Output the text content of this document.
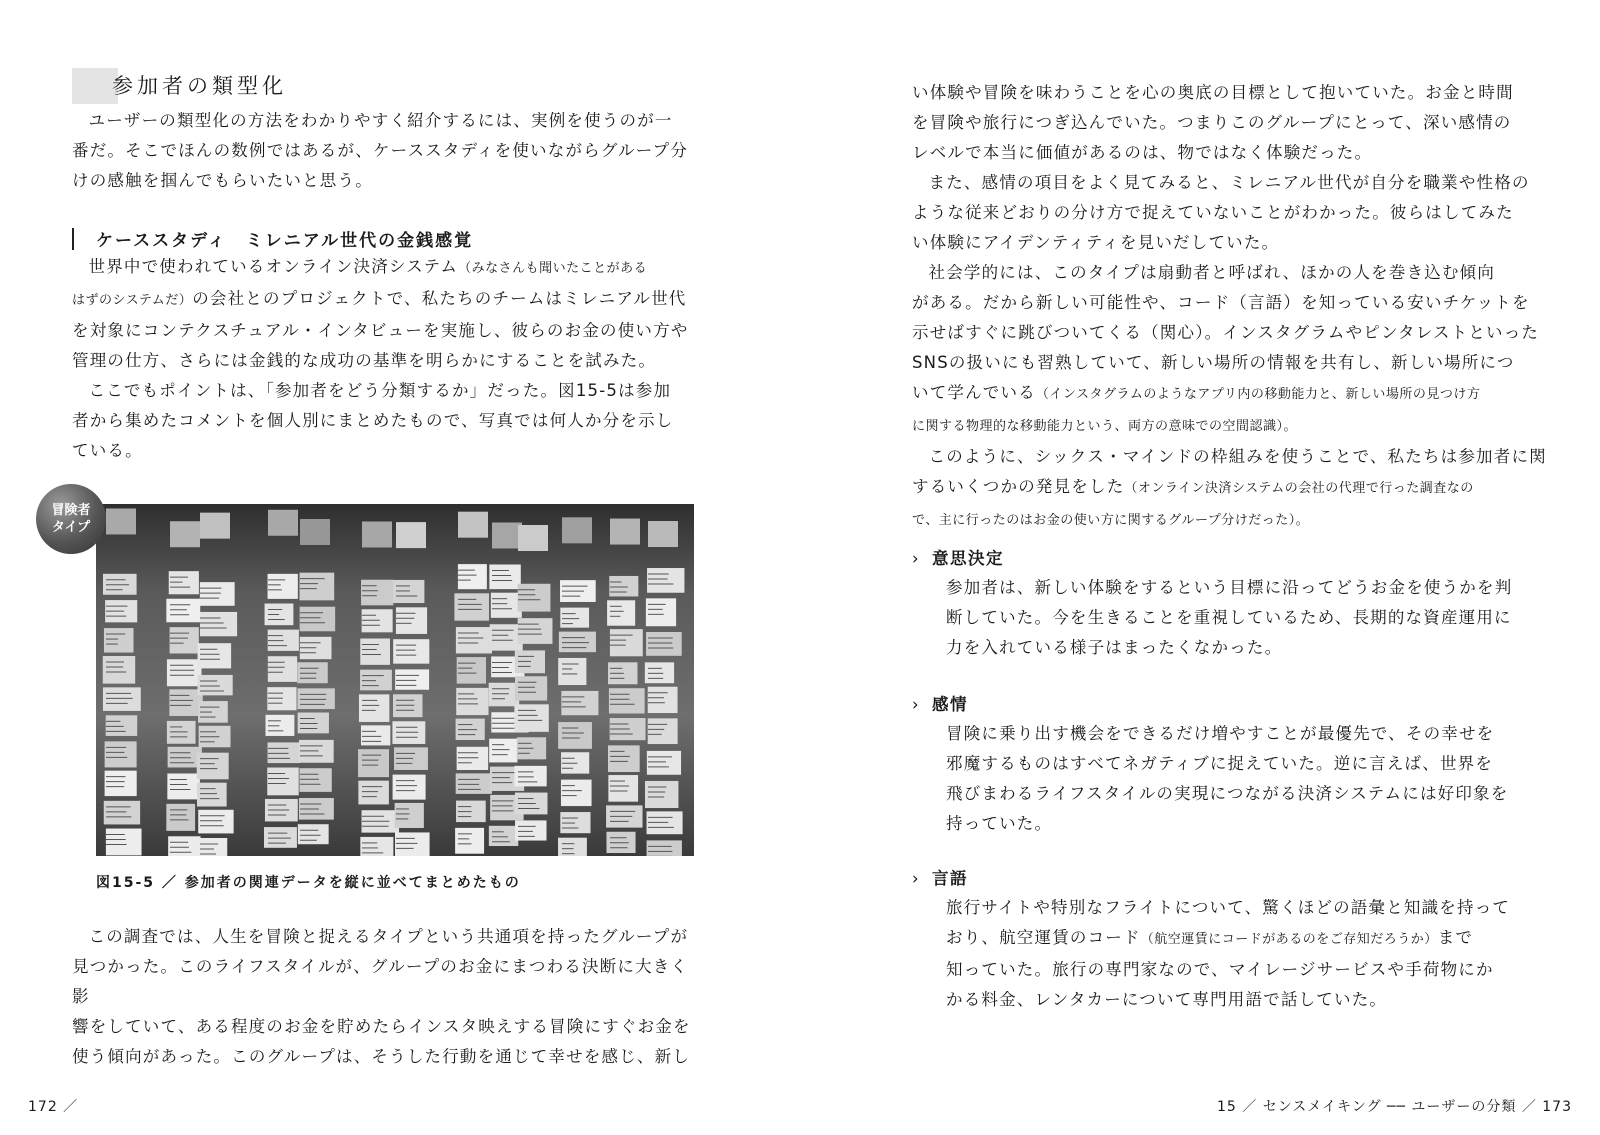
参加者の類型化

ユーザーの類型化の方法をわかりやすく紹介するには、実例を使うのが一

番だ。そこでほんの数例ではあるが、ケーススタディを使いながらグループ分

けの感触を掴んでもらいたいと思う。

ケーススタディ　ミレニアル世代の金銭感覚

世界中で使われているオンライン決済システム（みなさんも聞いたことがある

はずのシステムだ）の会社とのプロジェクトで、私たちのチームはミレニアル世代

を対象にコンテクスチュアル・インタビューを実施し、彼らのお金の使い方や

管理の仕方、さらには金銭的な成功の基準を明らかにすることを試みた。

ここでもポイントは、「参加者をどう分類するか」だった。図15-5は参加

者から集めたコメントを個人別にまとめたもので、写真では何人か分を示し

ている。

冒険者
タイプ
図15-5 ／ 参加者の関連データを縦に並べてまとめたもの

この調査では、人生を冒険と捉えるタイプという共通項を持ったグループが

見つかった。このライフスタイルが、グループのお金にまつわる決断に大きく影

響をしていて、ある程度のお金を貯めたらインスタ映えする冒険にすぐお金を

使う傾向があった。このグループは、そうした行動を通じて幸せを感じ、新し

172 ／

い体験や冒険を味わうことを心の奥底の目標として抱いていた。お金と時間

を冒険や旅行につぎ込んでいた。つまりこのグループにとって、深い感情の

レベルで本当に価値があるのは、物ではなく体験だった。

また、感情の項目をよく見てみると、ミレニアル世代が自分を職業や性格の

ような従来どおりの分け方で捉えていないことがわかった。彼らはしてみた

い体験にアイデンティティを見いだしていた。

社会学的には、このタイプは扇動者と呼ばれ、ほかの人を巻き込む傾向

がある。だから新しい可能性や、コード（言語）を知っている安いチケットを

示せばすぐに跳びついてくる（関心）。インスタグラムやピンタレストといった

SNSの扱いにも習熟していて、新しい場所の情報を共有し、新しい場所につ

いて学んでいる（インスタグラムのようなアプリ内の移動能力と、新しい場所の見つけ方

に関する物理的な移動能力という、両方の意味での空間認識）。

このように、シックス・マインドの枠組みを使うことで、私たちは参加者に関

するいくつかの発見をした（オンライン決済システムの会社の代理で行った調査なの

で、主に行ったのはお金の使い方に関するグループ分けだった）。

› 意思決定

参加者は、新しい体験をするという目標に沿ってどうお金を使うかを判

断していた。今を生きることを重視しているため、長期的な資産運用に

力を入れている様子はまったくなかった。

› 感情

冒険に乗り出す機会をできるだけ増やすことが最優先で、その幸せを

邪魔するものはすべてネガティブに捉えていた。逆に言えば、世界を

飛びまわるライフスタイルの実現につながる決済システムには好印象を

持っていた。

› 言語

旅行サイトや特別なフライトについて、驚くほどの語彙と知識を持って

おり、航空運賃のコード（航空運賃にコードがあるのをご存知だろうか）まで

知っていた。旅行の専門家なので、マイレージサービスや手荷物にか

かる料金、レンタカーについて専門用語で話していた。

15 ／ センスメイキング ── ユーザーの分類 ／ 173
